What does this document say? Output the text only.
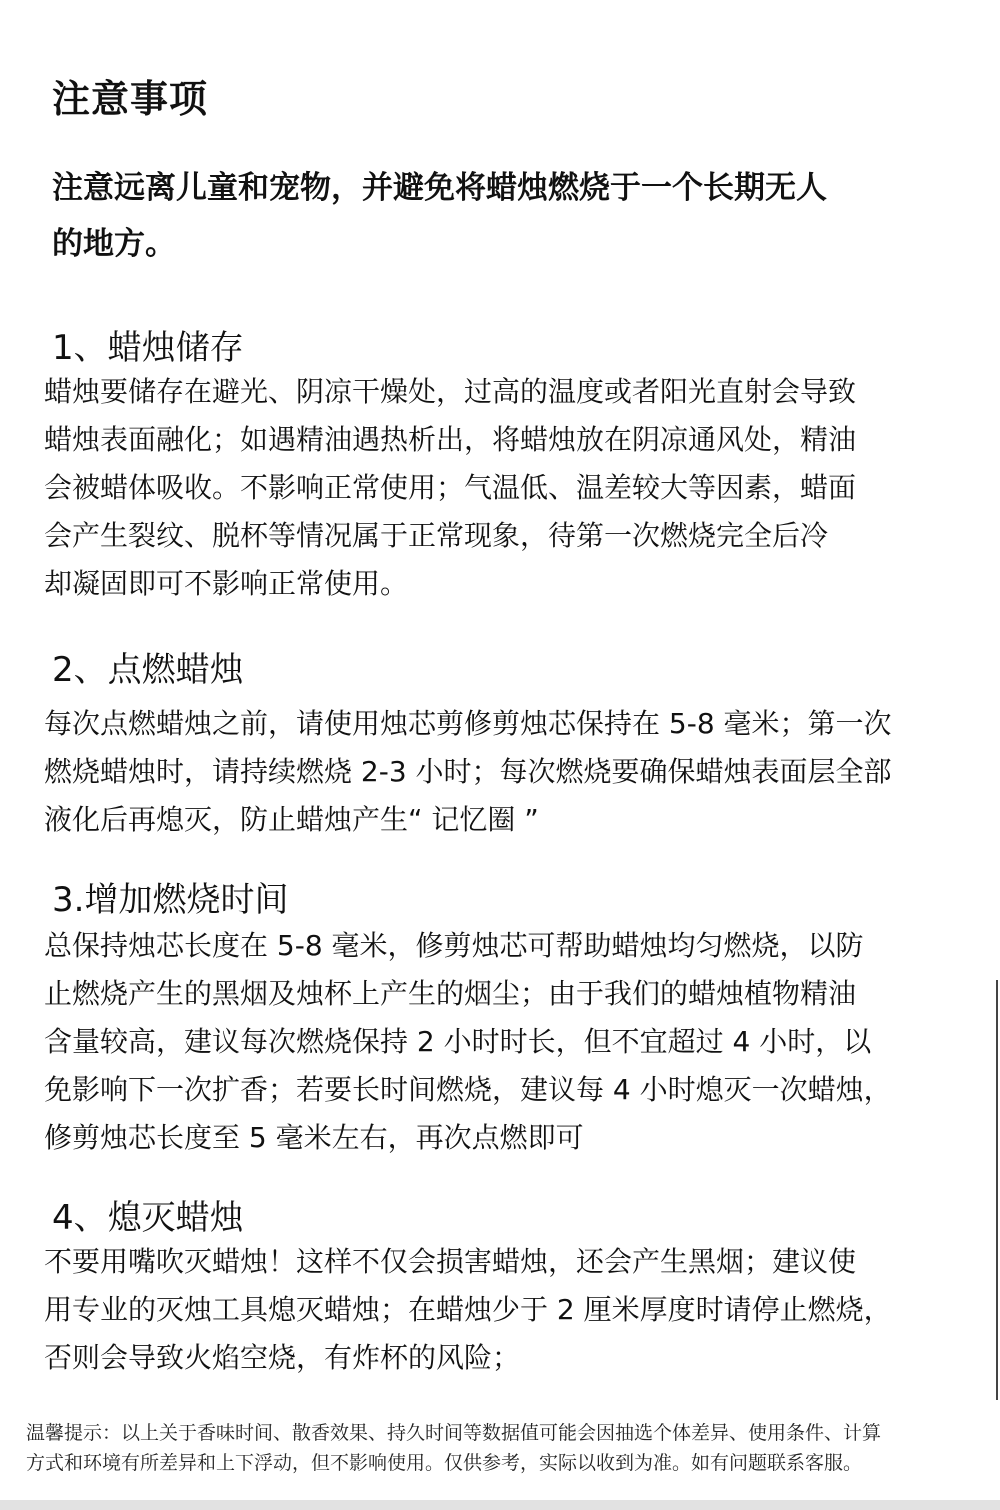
注意事项

注意远离儿童和宠物，并避免将蜡烛燃烧于一个长期无人
的地方。

1、蜡烛储存

蜡烛要储存在避光、阴凉干燥处，过高的温度或者阳光直射会导致
蜡烛表面融化；如遇精油遇热析出，将蜡烛放在阴凉通风处，精油
会被蜡体吸收。不影响正常使用；气温低、温差较大等因素，蜡面
会产生裂纹、脱杯等情况属于正常现象，待第一次燃烧完全后冷
却凝固即可不影响正常使用。

2、点燃蜡烛

每次点燃蜡烛之前，请使用烛芯剪修剪烛芯保持在 5-8 毫米；第一次
燃烧蜡烛时，请持续燃烧 2-3 小时；每次燃烧要确保蜡烛表面层全部
液化后再熄灭，防止蜡烛产生“ 记忆圈 ”

3.增加燃烧时间

总保持烛芯长度在 5-8 毫米，修剪烛芯可帮助蜡烛均匀燃烧，以防
止燃烧产生的黑烟及烛杯上产生的烟尘；由于我们的蜡烛植物精油
含量较高，建议每次燃烧保持 2 小时时长，但不宜超过 4 小时，以
免影响下一次扩香；若要长时间燃烧，建议每 4 小时熄灭一次蜡烛，
修剪烛芯长度至 5 毫米左右，再次点燃即可

4、熄灭蜡烛

不要用嘴吹灭蜡烛！这样不仅会损害蜡烛，还会产生黑烟；建议使
用专业的灭烛工具熄灭蜡烛；在蜡烛少于 2 厘米厚度时请停止燃烧，
否则会导致火焰空烧，有炸杯的风险；

温馨提示：以上关于香味时间、散香效果、持久时间等数据值可能会因抽选个体差异、使用条件、计算
方式和环境有所差异和上下浮动，但不影响使用。仅供参考，实际以收到为准。如有问题联系客服。
